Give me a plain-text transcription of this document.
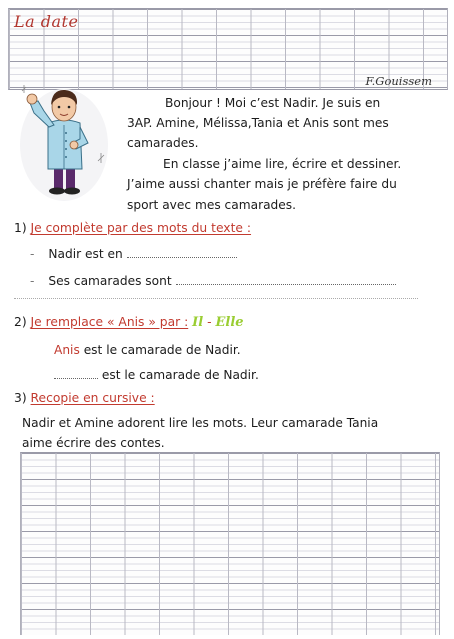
La date
F.Gouissem
Bonjour ! Moi c’est Nadir. Je suis en
3AP. Amine, Mélissa,Tania et Anis sont mes
camarades.
En classe j’aime lire, écrire et dessiner.
J’aime aussi chanter mais je préfère faire du
sport avec mes camarades.
1) Je complète par des mots du texte :
- Nadir est en
- Ses camarades sont
2) Je remplace « Anis » par : Il - Elle
Anis est le camarade de Nadir.
est le camarade de Nadir.
3) Recopie en cursive :
Nadir et Amine adorent lire les mots. Leur camarade Tania
aime écrire des contes.
